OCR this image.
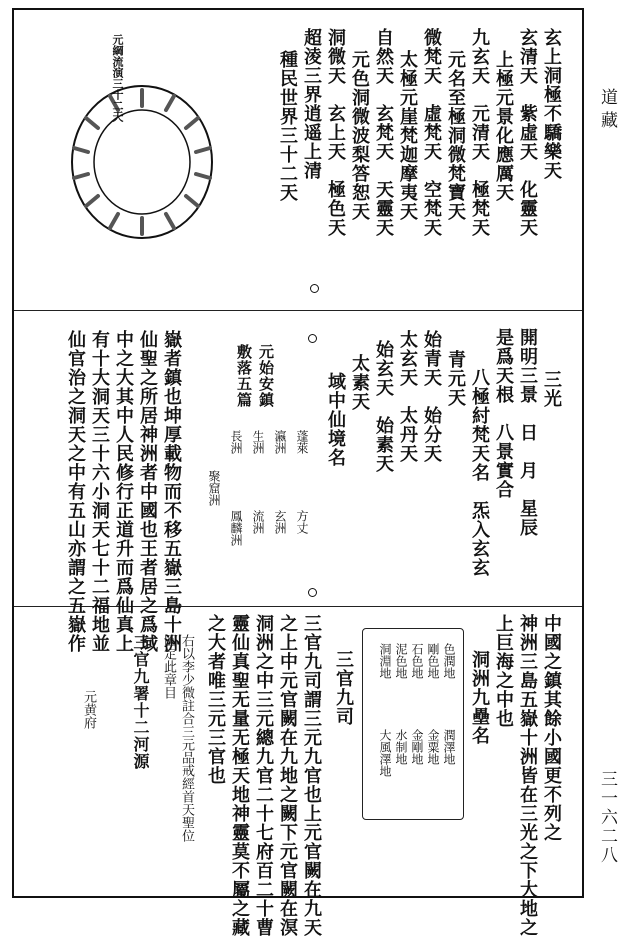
元綱流演三十二天	玄上洞極不驕樂天
玄清天　紫虛天　化靈天
上極元景化應厲天
九玄天　元清天　極梵天
元名至極洞微梵寶天
微梵天　虛梵天　空梵天
太極元崖梵迦摩夷天
自然天　玄梵天　天靈天
元色洞微波梨答恕天
洞微天　玄上天　極色天
超淩三界逍遥上清
種民世界三十二天
三光
開明三景　日　月　星辰
是爲天根　八景實合
八極紂梵天名　炁入玄玄
青元天
始青天　始分天
太玄天　太丹天
始玄天　始素天
太素天
域中仙境名
元始安鎮
敷落五篇
蓬萊
方丈
瀛洲
玄洲
生洲
流洲
長洲
鳳麟洲
聚窟洲
嶽者鎮也坤厚載物而不移五嶽三島十洲
仙聖之所居神洲者中國也王者居之爲域
中之大其中人民修行正道升而爲仙真上
有十大洞天三十六小洞天七十二福地並
仙官治之洞天之中有五山亦謂之五嶽作
中國之鎮其餘小國更不列之
神洲三島五嶽十洲皆在三光之下大地之
上巨海之中也
洞洲九壘名
色潤地
剛色地
石色地
泥色地
洞淵地
潤澤地
金粟地
金剛地
水制地
大風澤地
三官九司
三官九司謂三元九官也上元官闕在九天
之上中元官闕在九地之闕下元官闕在溟
洞洲之中三元總九官二十七府百二十曹
靈仙真聖无量无極天地神靈莫不屬之藏
之大者唯三元三官也
右以李少微註合三元品戒經首天聖位
因定此章目
三官九署十二河源
元黄府
道藏
三一六二八
